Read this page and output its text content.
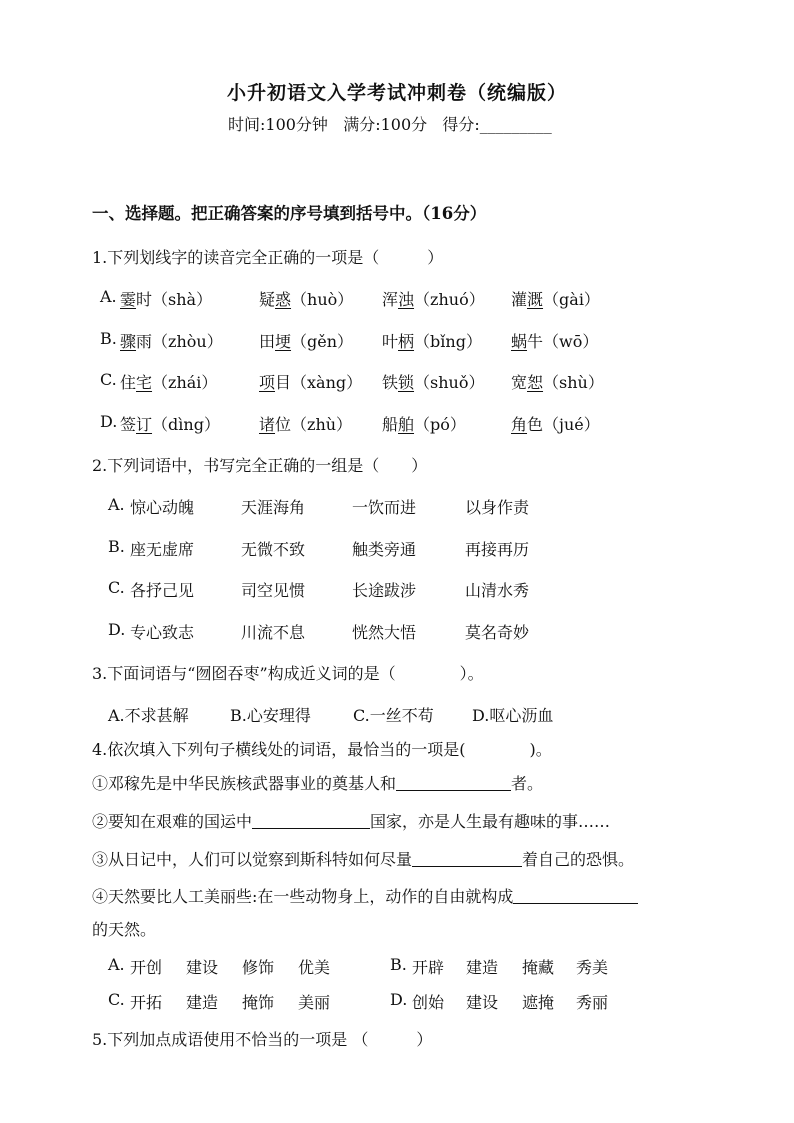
小升初语文入学考试冲刺卷（统编版）
时间:100分钟 满分:100分 得分:_________
一、选择题。把正确答案的序号填到括号中。（16分）
1.下列划线字的读音完全正确的一项是（　　　）
A. 霎时（shà）	疑惑（huò） 浑浊（zhuó） 灌溉（gài）
B. 骤雨（zhòu） 田埂（gěn） 叶柄（bǐng） 蜗牛（wō）
C. 住宅（zhái）	项目（xàng） 铁锁（shuǒ） 宽恕（shù）
D. 签订（dìng） 诸位（zhù） 船舶（pó）	角色（jué）
2.下列词语中，书写完全正确的一组是（　　）
A. 惊心动魄	天涯海角	一饮而进	以身作责
B. 座无虚席	无微不致	触类旁通	再接再历
C. 各抒己见	司空见惯	长途跋涉	山清水秀
D. 专心致志	川流不息	恍然大悟	莫名奇妙
3.下面词语与“囫囵吞枣”构成近义词的是（　　　　）。
A.不求甚解	B.心安理得	C.一丝不苟 D.呕心沥血
4.依次填入下列句子横线处的词语，最恰当的一项是(　　　　)。
①邓稼先是中华民族核武器事业的奠基人和	者。
②要知在艰难的国运中	国家，亦是人生最有趣味的事……
③从日记中，人们可以觉察到斯科特如何尽量	着自己的恐惧。
④天然要比人工美丽些:在一些动物身上，动作的自由就构成
的天然。
A. 开创 建设 修饰 优美	B. 开辟 建造 掩藏 秀美
C. 开拓 建造 掩饰 美丽	D. 创始 建设 遮掩 秀丽
5.下列加点成语使用不恰当的一项是 （　　　）
